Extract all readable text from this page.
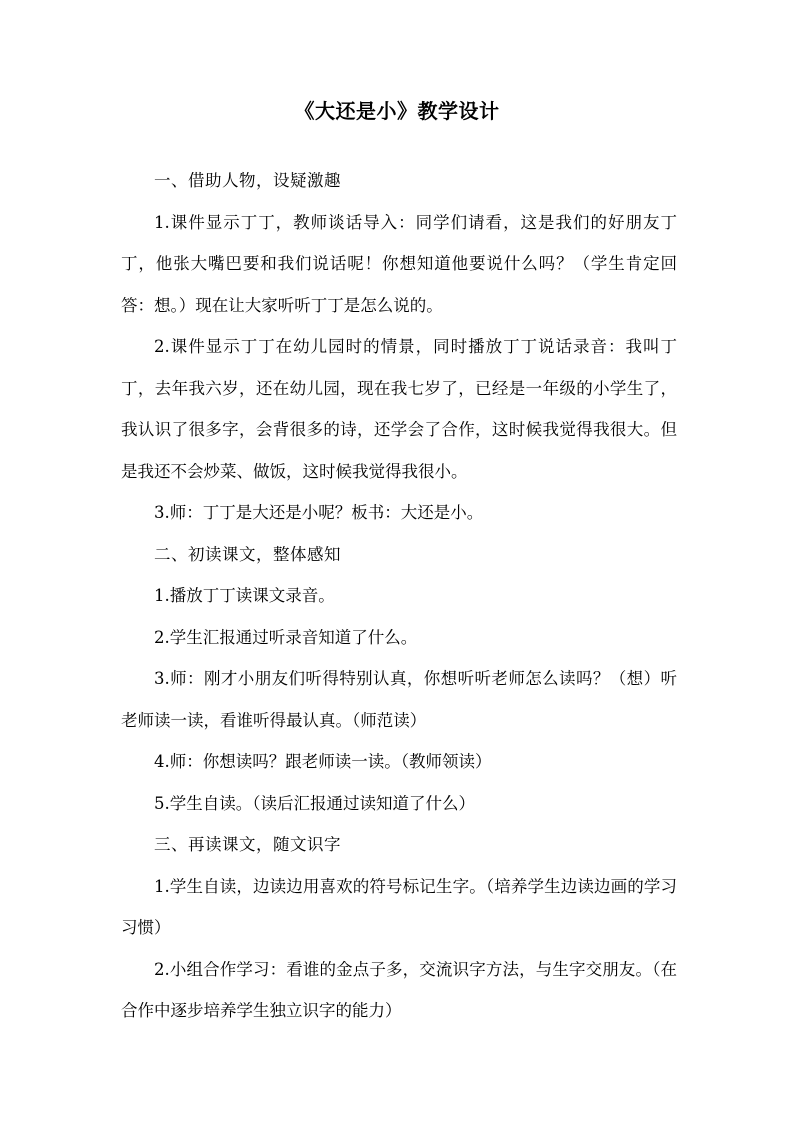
《大还是小》教学设计

一、借助人物，设疑激趣

1.课件显示丁丁，教师谈话导入：同学们请看，这是我们的好朋友丁丁，他张大嘴巴要和我们说话呢！你想知道他要说什么吗？（学生肯定回答：想。）现在让大家听听丁丁是怎么说的。

2.课件显示丁丁在幼儿园时的情景，同时播放丁丁说话录音：我叫丁丁，去年我六岁，还在幼儿园，现在我七岁了，已经是一年级的小学生了，我认识了很多字，会背很多的诗，还学会了合作，这时候我觉得我很大。但是我还不会炒菜、做饭，这时候我觉得我很小。

3.师：丁丁是大还是小呢？板书：大还是小。

二、初读课文，整体感知

1.播放丁丁读课文录音。

2.学生汇报通过听录音知道了什么。

3.师：刚才小朋友们听得特别认真，你想听听老师怎么读吗？（想）听老师读一读，看谁听得最认真。（师范读）

4.师：你想读吗？跟老师读一读。（教师领读）

5.学生自读。（读后汇报通过读知道了什么）

三、再读课文，随文识字

1.学生自读，边读边用喜欢的符号标记生字。（培养学生边读边画的学习习惯）

2.小组合作学习：看谁的金点子多，交流识字方法，与生字交朋友。（在合作中逐步培养学生独立识字的能力）
